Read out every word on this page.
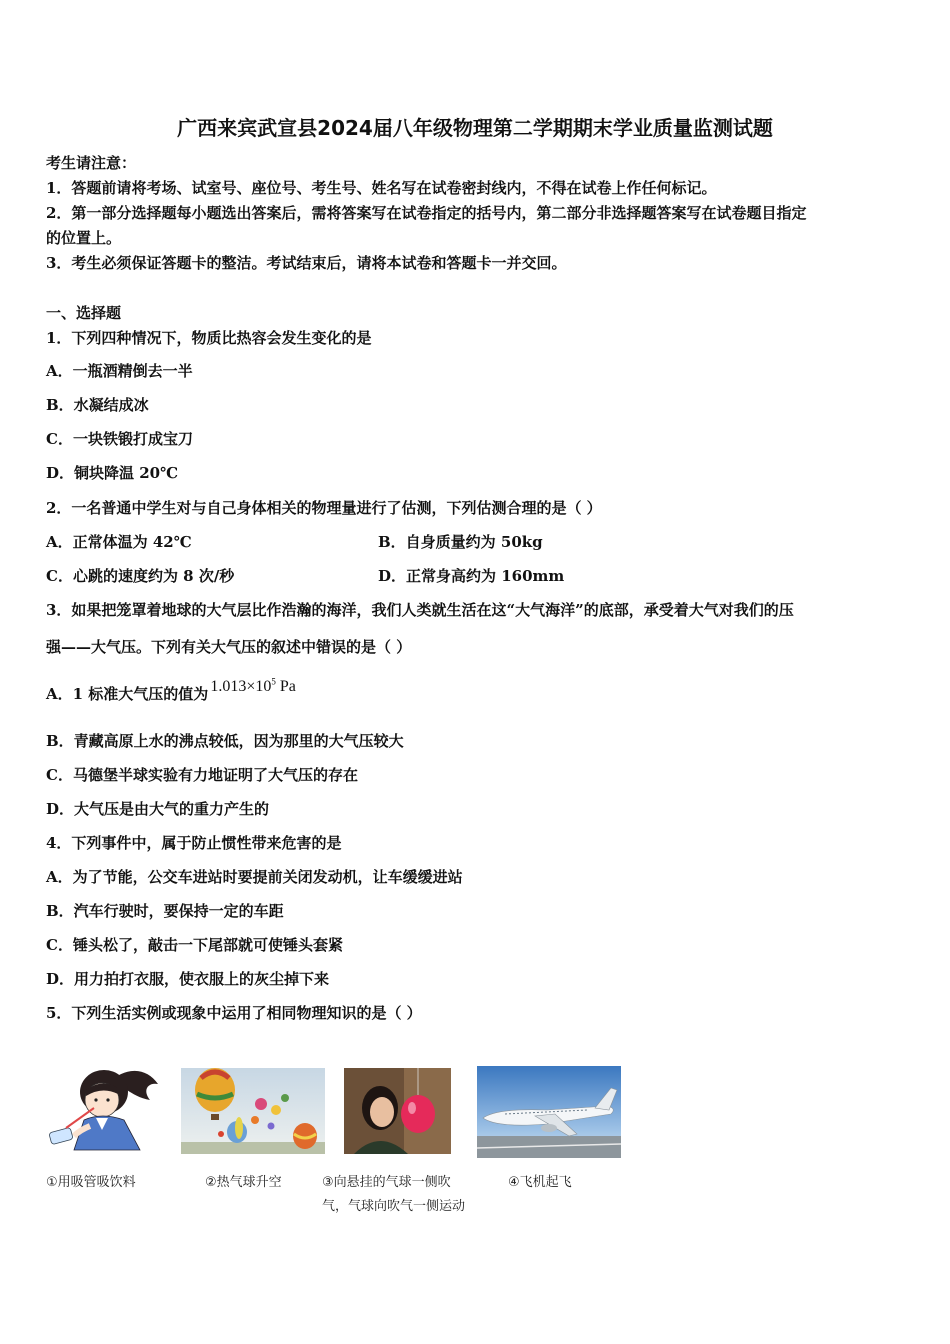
广西来宾武宣县2024届八年级物理第二学期期末学业质量监测试题
考生请注意：
1．答题前请将考场、试室号、座位号、考生号、姓名写在试卷密封线内，不得在试卷上作任何标记。
2．第一部分选择题每小题选出答案后，需将答案写在试卷指定的括号内，第二部分非选择题答案写在试卷题目指定
的位置上。
3．考生必须保证答题卡的整洁。考试结束后，请将本试卷和答题卡一并交回。
一、选择题
1．下列四种情况下，物质比热容会发生变化的是
A．一瓶酒精倒去一半
B．水凝结成冰
C．一块铁锻打成宝刀
D．铜块降温 20℃
2．一名普通中学生对与自己身体相关的物理量进行了估测，下列估测合理的是（ ）
A．正常体温为 42℃	B．自身质量约为 50kg
C．心跳的速度约为 8 次/秒	D．正常身高约为 160mm
3．如果把笼罩着地球的大气层比作浩瀚的海洋，我们人类就生活在这“大气海洋”的底部，承受着大气对我们的压
强——大气压。下列有关大气压的叙述中错误的是（ ）
A．1 标准大气压的值为 $1.013\times 10^5$ Pa
B．青藏高原上水的沸点较低，因为那里的大气压较大
C．马德堡半球实验有力地证明了大气压的存在
D．大气压是由大气的重力产生的
4．下列事件中，属于防止惯性带来危害的是
A．为了节能，公交车进站时要提前关闭发动机，让车缓缓进站
B．汽车行驶时，要保持一定的车距
C．锤头松了，敲击一下尾部就可使锤头套紧
D．用力拍打衣服，使衣服上的灰尘掉下来
5．下列生活实例或现象中运用了相同物理知识的是（ ）
①用吸管吸饮料	②热气球升空	③向悬挂的气球一侧吹
气，气球向吹气一侧运动
④飞机起飞
